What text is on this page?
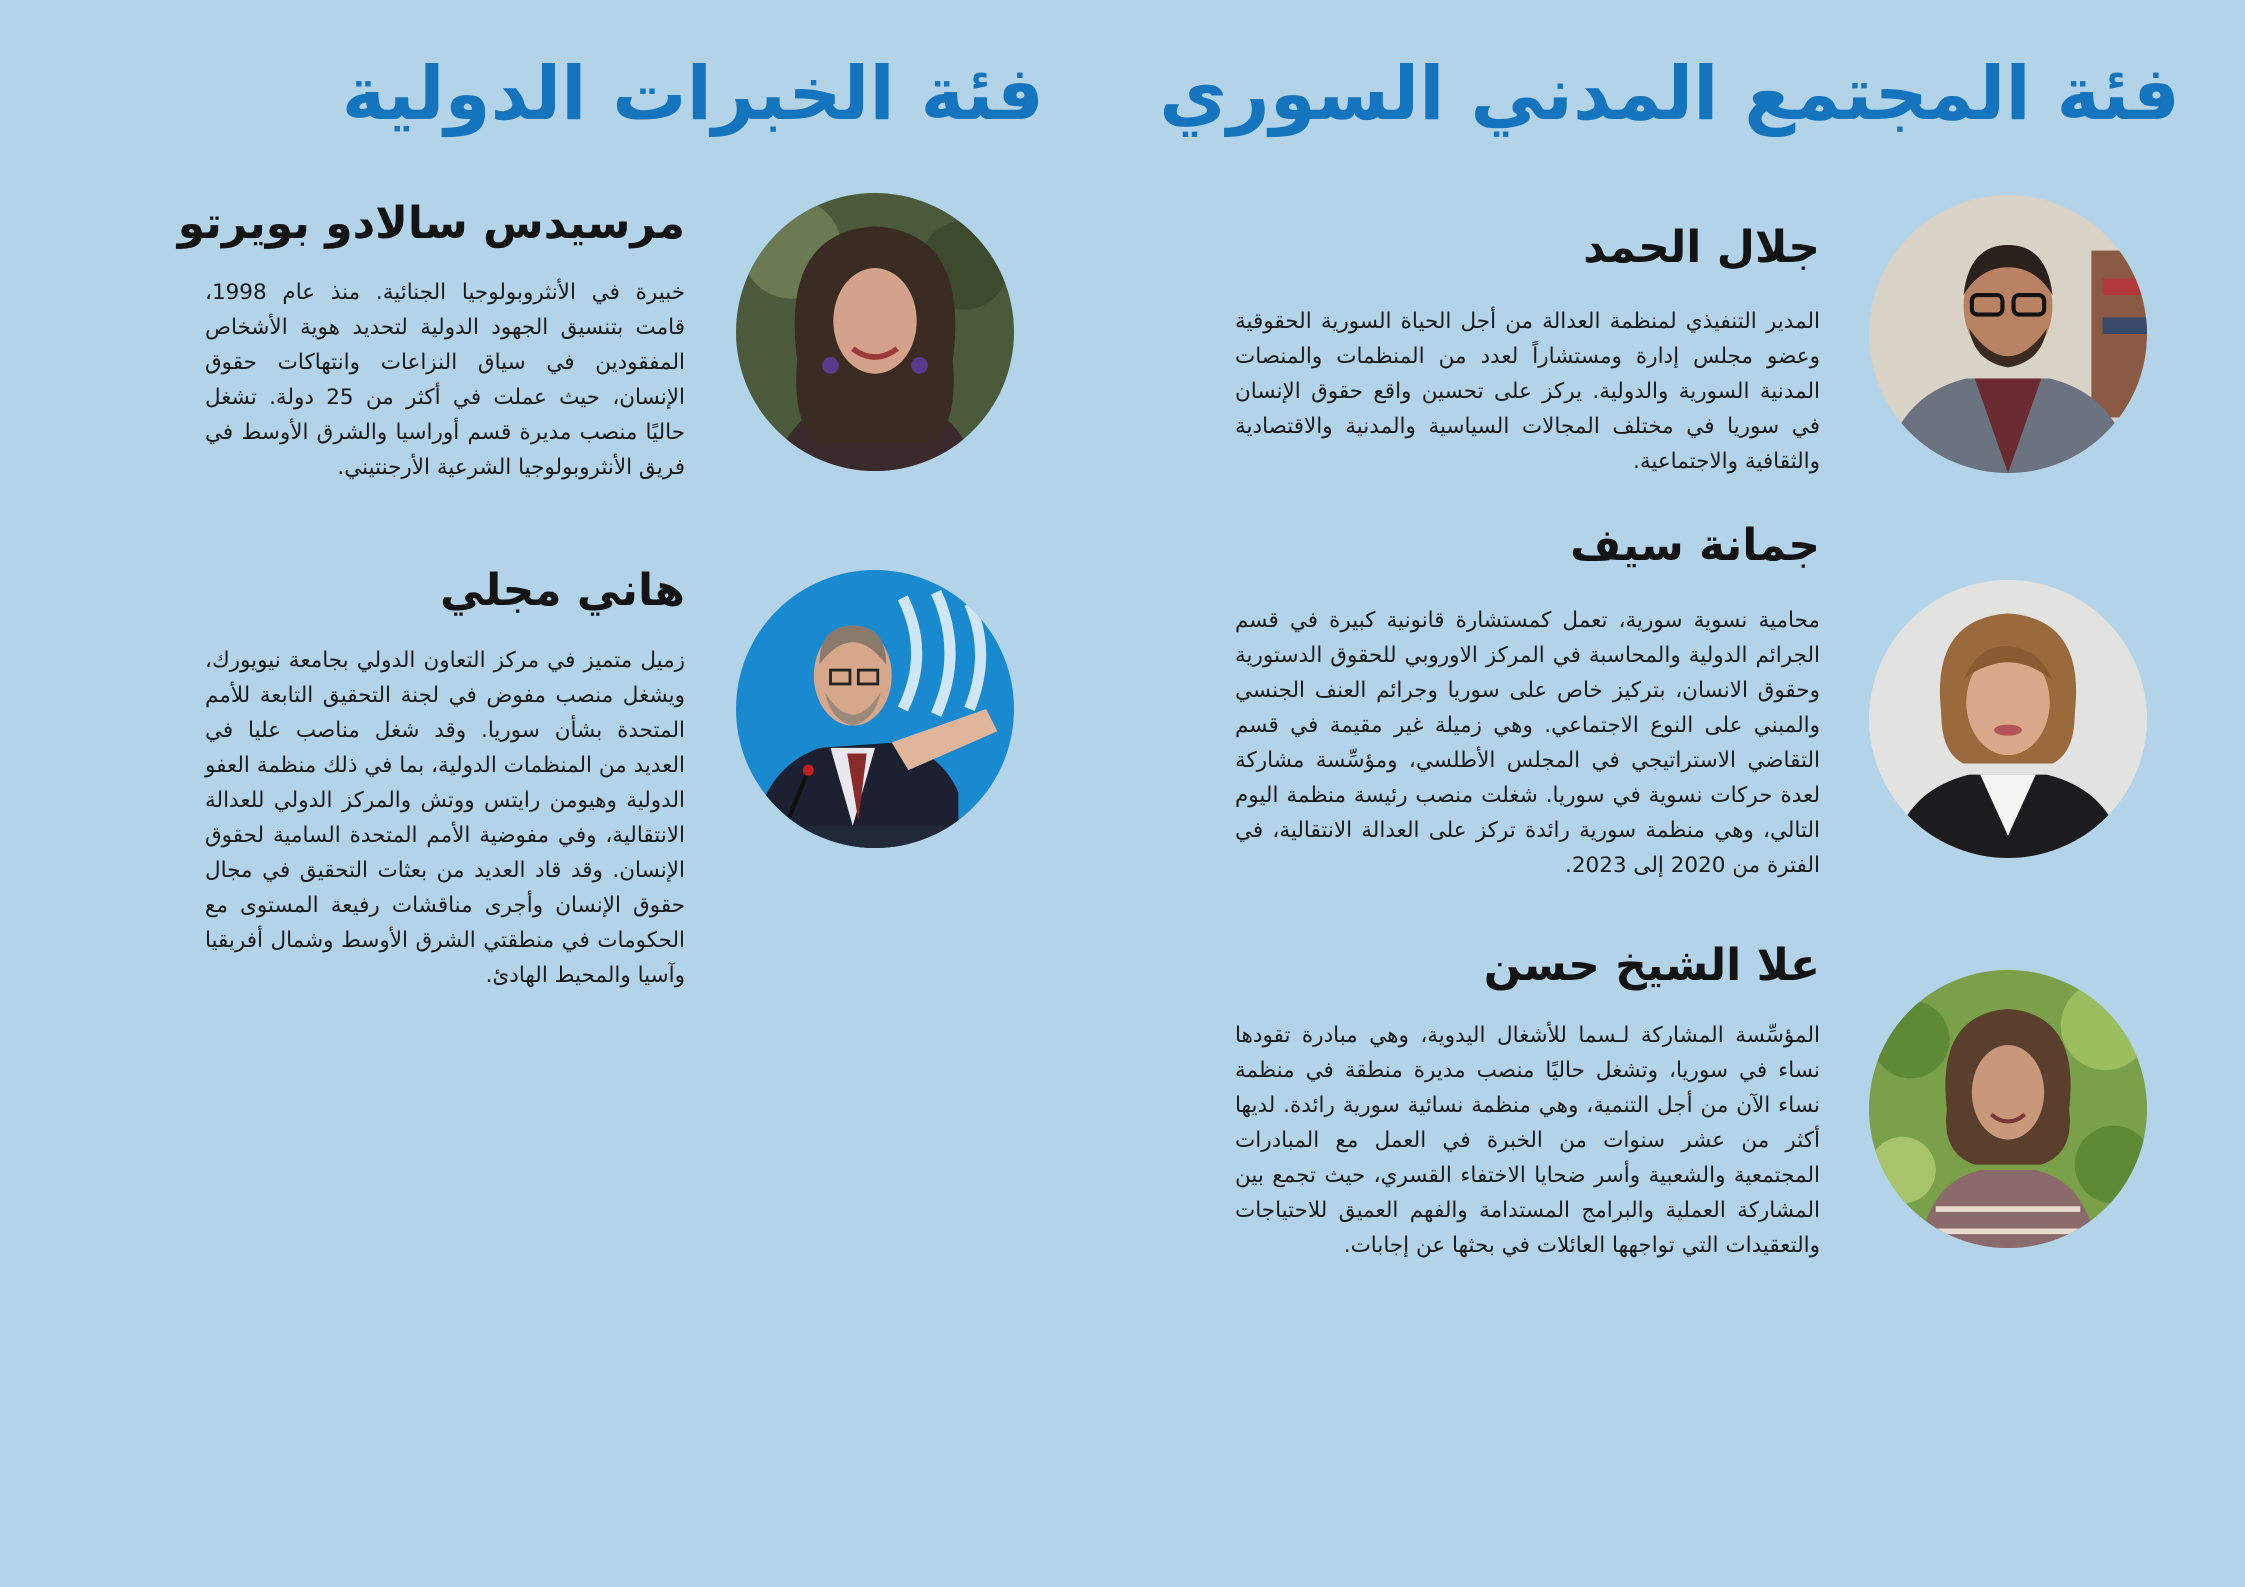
فئة المجتمع المدني السوري
فئة الخبرات الدولية
جلال الحمد

المدير التنفيذي لمنظمة العدالة من أجل الحياة السورية الحقوقية وعضو مجلس إدارة ومستشاراً لعدد من المنظمات والمنصات المدنية السورية والدولية. يركز على تحسين واقع حقوق الإنسان في سوريا في مختلف المجالات السياسية والمدنية والاقتصادية والثقافية والاجتماعية.

جمانة سيف

محامية نسوية سورية، تعمل كمستشارة قانونية كبيرة في قسم الجرائم الدولية والمحاسبة في المركز الاوروبي للحقوق الدستورية وحقوق الانسان، بتركيز خاص على سوريا وجرائم العنف الجنسي والمبني على النوع الاجتماعي. وهي زميلة غير مقيمة في قسم التقاضي الاستراتيجي في المجلس الأطلسي، ومؤسِّسة مشاركة لعدة حركات نسوية في سوريا. شغلت منصب رئيسة منظمة اليوم التالي، وهي منظمة سورية رائدة تركز على العدالة الانتقالية، في الفترة من 2020 إلى 2023.

علا الشيخ حسن

المؤسِّسة المشاركة لـسما للأشغال اليدوية، وهي مبادرة تقودها نساء في سوريا، وتشغل حاليًا منصب مديرة منطقة في منظمة نساء الآن من أجل التنمية، وهي منظمة نسائية سورية رائدة. لديها أكثر من عشر سنوات من الخبرة في العمل مع المبادرات المجتمعية والشعبية وأسر ضحايا الاختفاء القسري، حيث تجمع بين المشاركة العملية والبرامج المستدامة والفهم العميق للاحتياجات والتعقيدات التي تواجهها العائلات في بحثها عن إجابات.

مرسيدس سالادو بويرتو

خبيرة في الأنثروبولوجيا الجنائية. منذ عام 1998، قامت بتنسيق الجهود الدولية لتحديد هوية الأشخاص المفقودين في سياق النزاعات وانتهاكات حقوق الإنسان، حيث عملت في أكثر من 25 دولة. تشغل حاليًا منصب مديرة قسم أوراسيا والشرق الأوسط في فريق الأنثروبولوجيا الشرعية الأرجنتيني.

هاني مجلي

زميل متميز في مركز التعاون الدولي بجامعة نيويورك، ويشغل منصب مفوض في لجنة التحقيق التابعة للأمم المتحدة بشأن سوريا. وقد شغل مناصب عليا في العديد من المنظمات الدولية، بما في ذلك منظمة العفو الدولية وهيومن رايتس ووتش والمركز الدولي للعدالة الانتقالية، وفي مفوضية الأمم المتحدة السامية لحقوق الإنسان. وقد قاد العديد من بعثات التحقيق في مجال حقوق الإنسان وأجرى مناقشات رفيعة المستوى مع الحكومات في منطقتي الشرق الأوسط وشمال أفريقيا وآسيا والمحيط الهادئ.
